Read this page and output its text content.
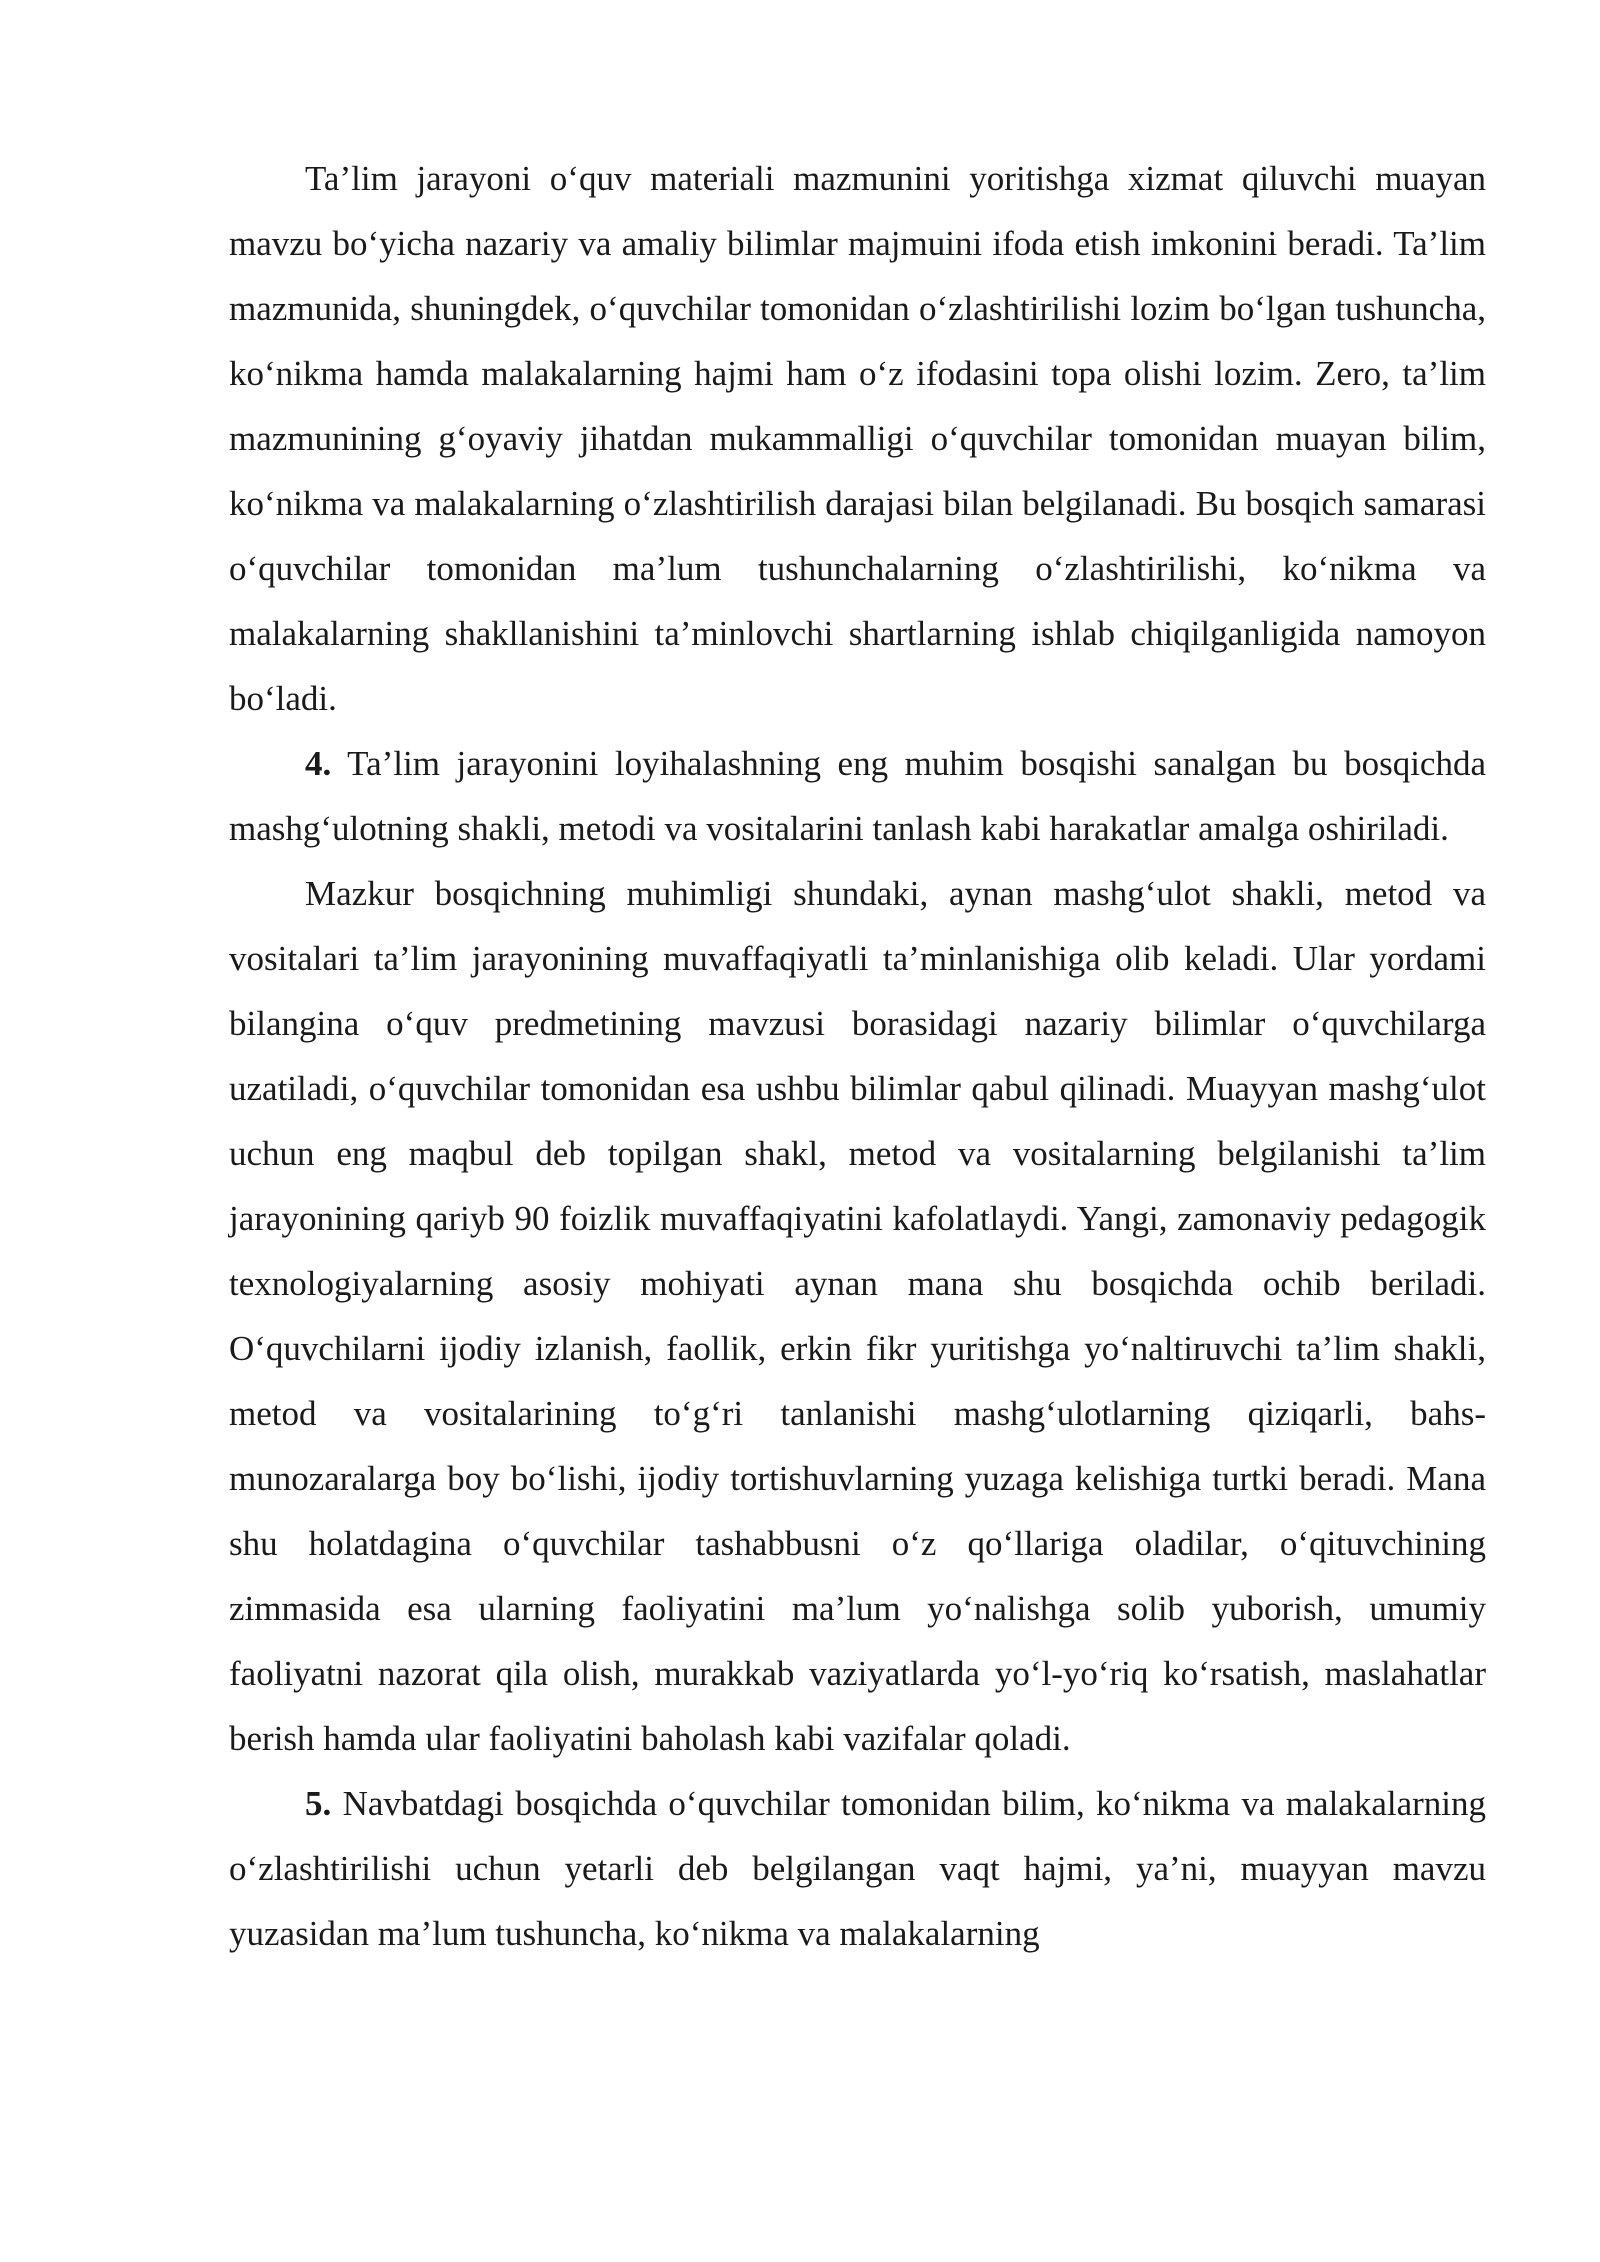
Ta’lim jarayoni o‘quv materiali mazmunini yoritishga xizmat qiluvchi muayan mavzu bo‘yicha nazariy va amaliy bilimlar majmuini ifoda etish imkonini beradi. Ta’lim mazmunida, shuningdek, o‘quvchilar tomonidan o‘zlashtirilishi lozim bo‘lgan tushuncha, ko‘nikma hamda malakalarning hajmi ham o‘z ifodasini topa olishi lozim. Zero, ta’lim mazmunining g‘oyaviy jihatdan mukammalligi o‘quvchilar tomonidan muayan bilim, ko‘nikma va malakalarning o‘zlashtirilish darajasi bilan belgilanadi. Bu bosqich samarasi o‘quvchilar tomonidan ma’lum tushunchalarning o‘zlashtirilishi, ko‘nikma va malakalarning shakllanishini ta’minlovchi shartlarning ishlab chiqilganligida namoyon bo‘ladi.

4. Ta’lim jarayonini loyihalashning eng muhim bosqishi sanalgan bu bosqichda mashg‘ulotning shakli, metodi va vositalarini tanlash kabi harakatlar amalga oshiriladi.

Mazkur bosqichning muhimligi shundaki, aynan mashg‘ulot shakli, metod va vositalari ta’lim jarayonining muvaffaqiyatli ta’minlanishiga olib keladi. Ular yordami bilangina o‘quv predmetining mavzusi borasidagi nazariy bilimlar o‘quvchilarga uzatiladi, o‘quvchilar tomonidan esa ushbu bilimlar qabul qilinadi. Muayyan mashg‘ulot uchun eng maqbul deb topilgan shakl, metod va vositalarning belgilanishi ta’lim jarayonining qariyb 90 foizlik muvaffaqiyatini kafolatlaydi. Yangi, zamonaviy pedagogik texnologiyalarning asosiy mohiyati aynan mana shu bosqichda ochib beriladi. O‘quvchilarni ijodiy izlanish, faollik, erkin fikr yuritishga yo‘naltiruvchi ta’lim shakli, metod va vositalarining to‘g‘ri tanlanishi mashg‘ulotlarning qiziqarli, bahs-munozaralarga boy bo‘lishi, ijodiy tortishuvlarning yuzaga kelishiga turtki beradi. Mana shu holatdagina o‘quvchilar tashabbusni o‘z qo‘llariga oladilar, o‘qituvchining zimmasida esa ularning faoliyatini ma’lum yo‘nalishga solib yuborish, umumiy faoliyatni nazorat qila olish, murakkab vaziyatlarda yo‘l-yo‘riq ko‘rsatish, maslahatlar berish hamda ular faoliyatini baholash kabi vazifalar qoladi.

5. Navbatdagi bosqichda o‘quvchilar tomonidan bilim, ko‘nikma va malakalarning o‘zlashtirilishi uchun yetarli deb belgilangan vaqt hajmi, ya’ni, muayyan mavzu yuzasidan ma’lum tushuncha, ko‘nikma va malakalarning
